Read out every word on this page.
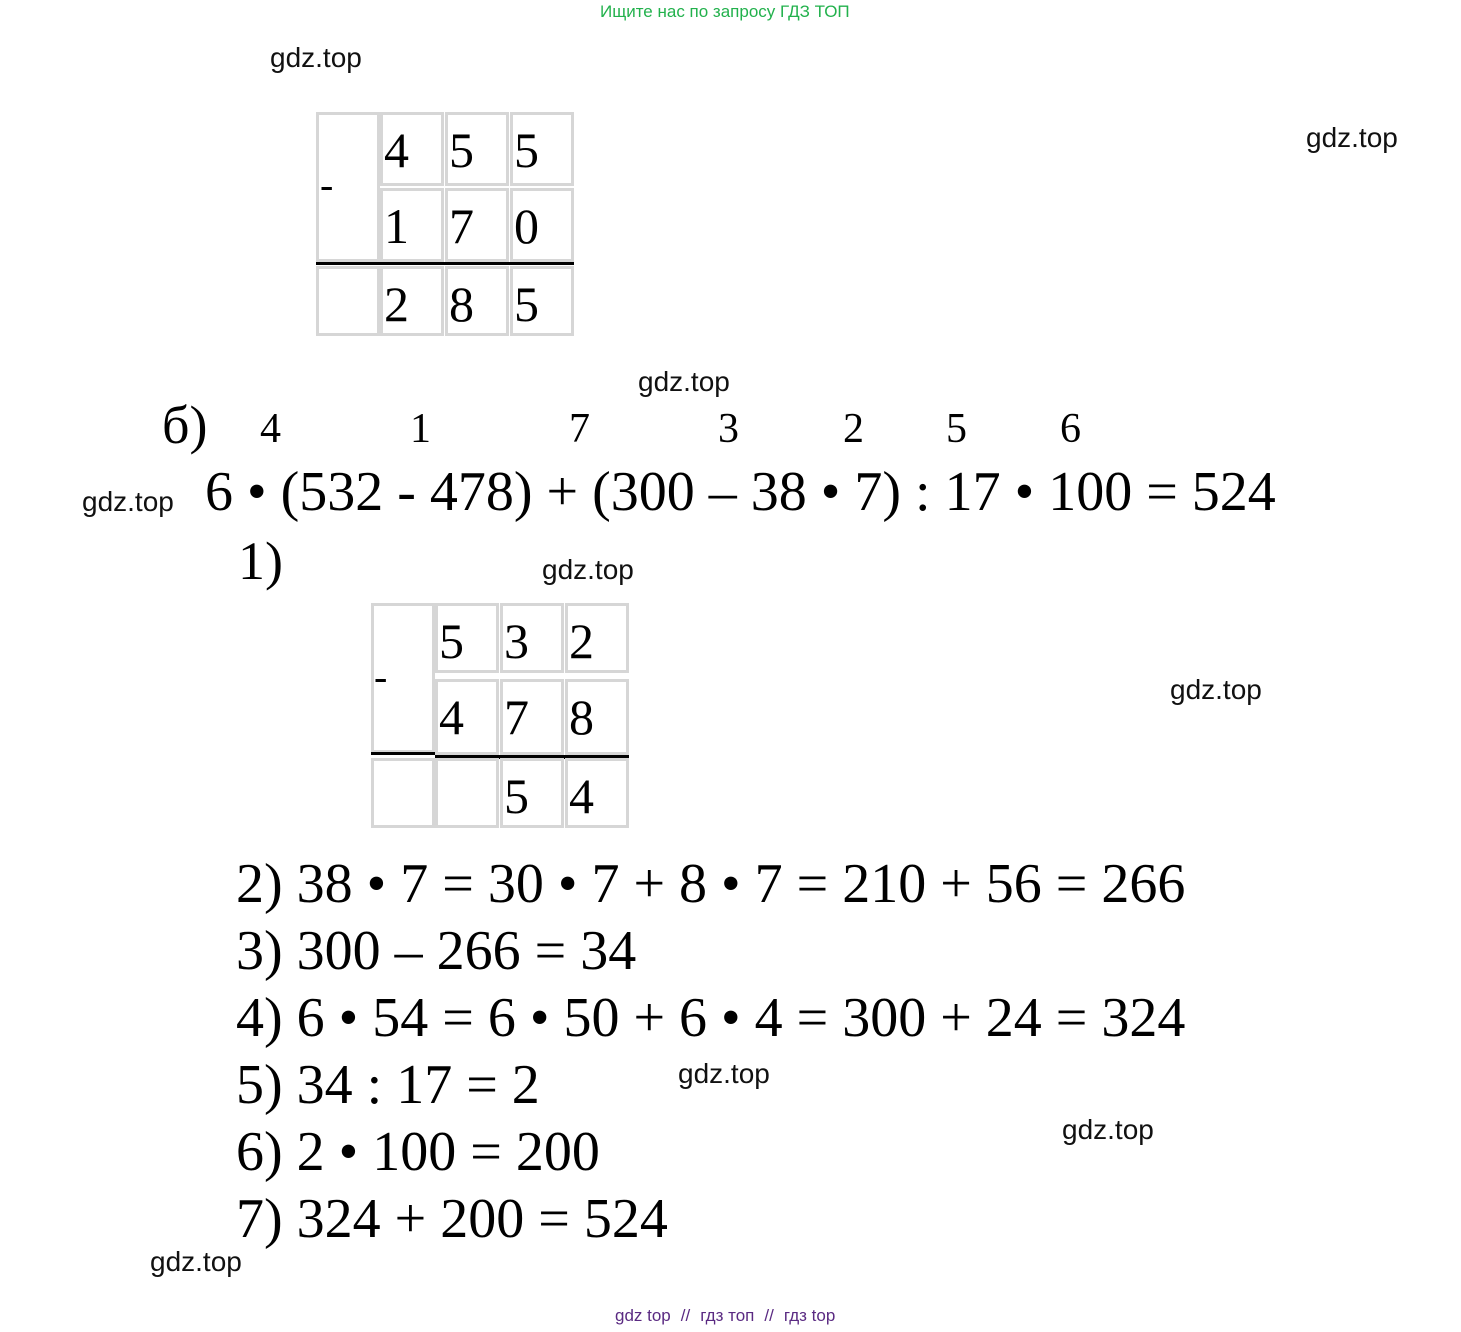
Ищите нас по запросу ГДЗ ТОП
gdz.top
gdz.top
gdz.top
gdz.top
gdz.top
gdz.top
gdz.top
gdz.top
gdz.top
-
4 5 5
1 7 0
2 8 5
б) 4	1	7	3 2 5 6
6 • (532 - 478) + (300 – 38 • 7) : 17 • 100 = 524
1)
-
5 3 2
4 7 8
5 4
2) 38 • 7 = 30 • 7 + 8 • 7 = 210 + 56 = 266
3) 300 – 266 = 34
4) 6 • 54 = 6 • 50 + 6 • 4 = 300 + 24 = 324
5) 34 : 17 = 2
6) 2 • 100 = 200
7) 324 + 200 = 524
gdz top // гдз топ // гдз top
